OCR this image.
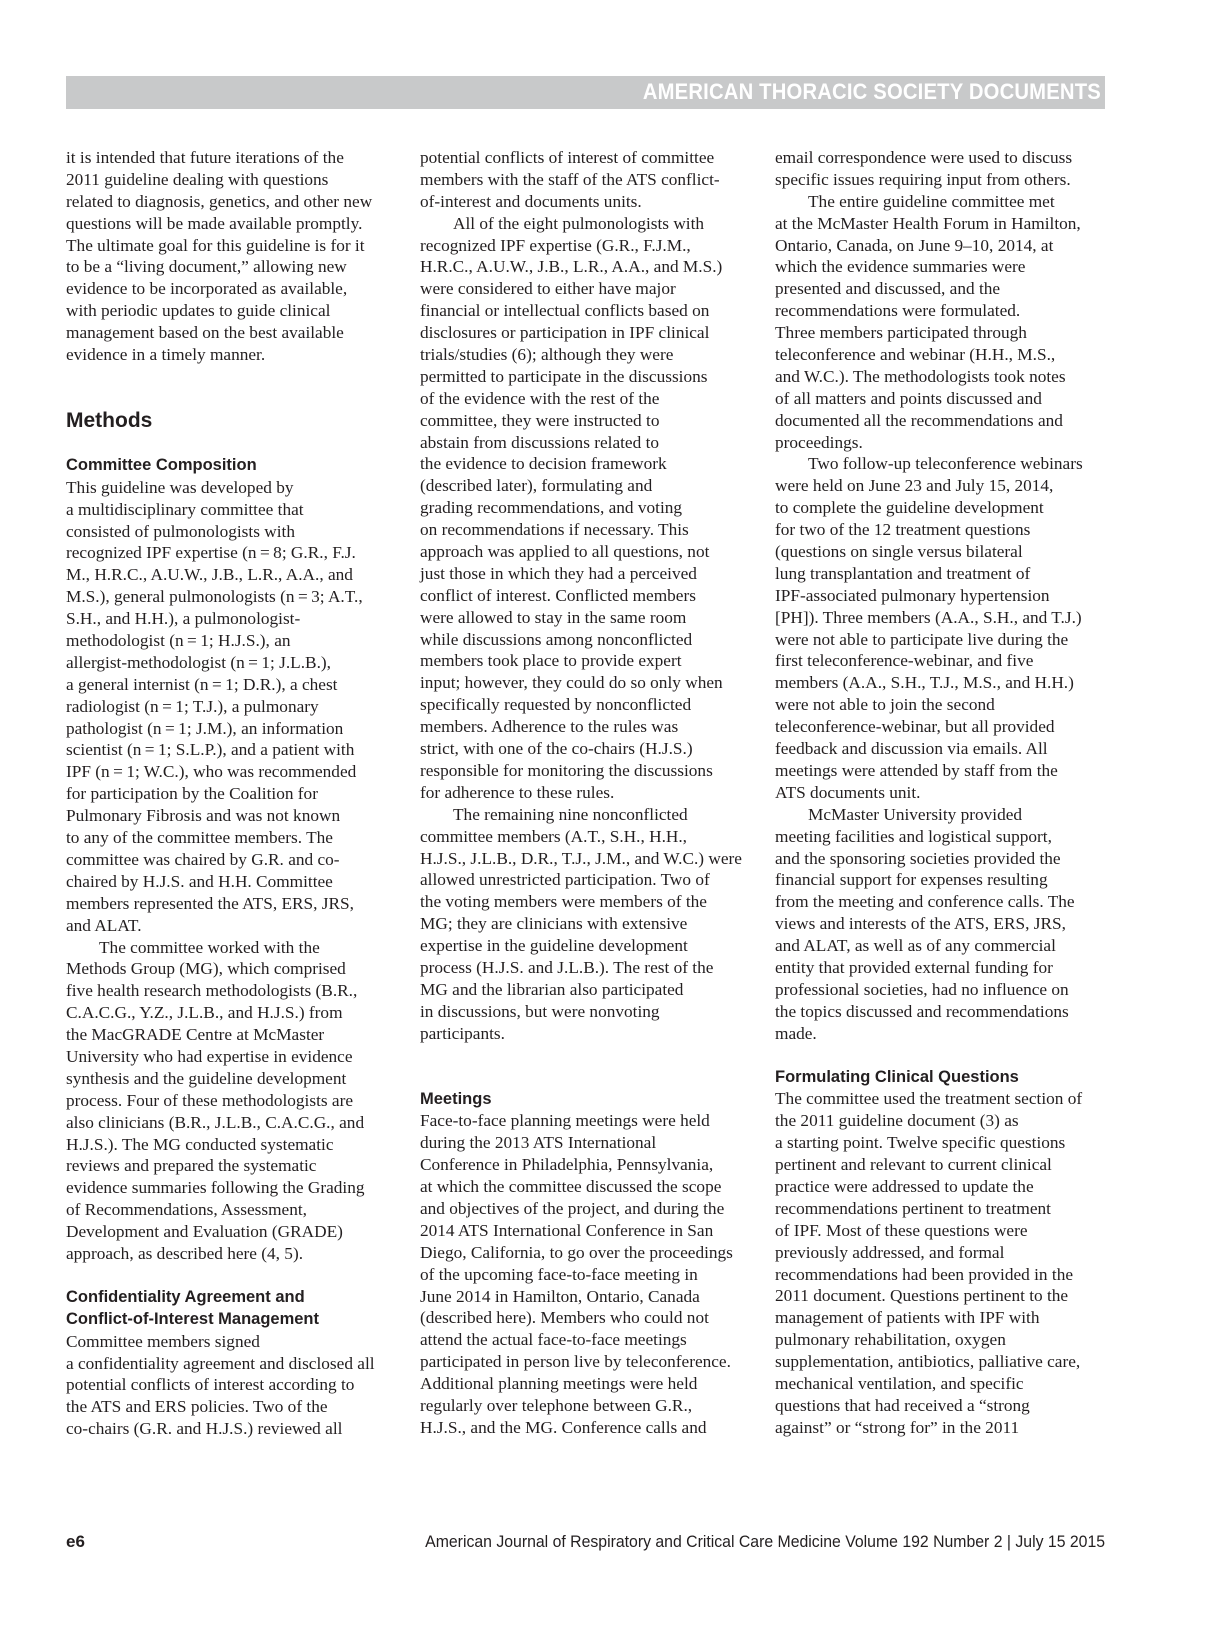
AMERICAN THORACIC SOCIETY DOCUMENTS
it is intended that future iterations of the
2011 guideline dealing with questions
related to diagnosis, genetics, and other new
questions will be made available promptly.
The ultimate goal for this guideline is for it
to be a “living document,” allowing new
evidence to be incorporated as available,
with periodic updates to guide clinical
management based on the best available
evidence in a timely manner.
Methods
Committee Composition
This guideline was developed by
a multidisciplinary committee that
consisted of pulmonologists with
recognized IPF expertise (n = 8; G.R., F.J.
M., H.R.C., A.U.W., J.B., L.R., A.A., and
M.S.), general pulmonologists (n = 3; A.T.,
S.H., and H.H.), a pulmonologist-
methodologist (n = 1; H.J.S.), an
allergist-methodologist (n = 1; J.L.B.),
a general internist (n = 1; D.R.), a chest
radiologist (n = 1; T.J.), a pulmonary
pathologist (n = 1; J.M.), an information
scientist (n = 1; S.L.P.), and a patient with
IPF (n = 1; W.C.), who was recommended
for participation by the Coalition for
Pulmonary Fibrosis and was not known
to any of the committee members. The
committee was chaired by G.R. and co-
chaired by H.J.S. and H.H. Committee
members represented the ATS, ERS, JRS,
and ALAT.
The committee worked with the
Methods Group (MG), which comprised
five health research methodologists (B.R.,
C.A.C.G., Y.Z., J.L.B., and H.J.S.) from
the MacGRADE Centre at McMaster
University who had expertise in evidence
synthesis and the guideline development
process. Four of these methodologists are
also clinicians (B.R., J.L.B., C.A.C.G., and
H.J.S.). The MG conducted systematic
reviews and prepared the systematic
evidence summaries following the Grading
of Recommendations, Assessment,
Development and Evaluation (GRADE)
approach, as described here (4, 5).
Confidentiality Agreement and
Conflict-of-Interest Management
Committee members signed
a confidentiality agreement and disclosed all
potential conflicts of interest according to
the ATS and ERS policies. Two of the
co-chairs (G.R. and H.J.S.) reviewed all
potential conflicts of interest of committee
members with the staff of the ATS conflict-
of-interest and documents units.
All of the eight pulmonologists with
recognized IPF expertise (G.R., F.J.M.,
H.R.C., A.U.W., J.B., L.R., A.A., and M.S.)
were considered to either have major
financial or intellectual conflicts based on
disclosures or participation in IPF clinical
trials/studies (6); although they were
permitted to participate in the discussions
of the evidence with the rest of the
committee, they were instructed to
abstain from discussions related to
the evidence to decision framework
(described later), formulating and
grading recommendations, and voting
on recommendations if necessary. This
approach was applied to all questions, not
just those in which they had a perceived
conflict of interest. Conflicted members
were allowed to stay in the same room
while discussions among nonconflicted
members took place to provide expert
input; however, they could do so only when
specifically requested by nonconflicted
members. Adherence to the rules was
strict, with one of the co-chairs (H.J.S.)
responsible for monitoring the discussions
for adherence to these rules.
The remaining nine nonconflicted
committee members (A.T., S.H., H.H.,
H.J.S., J.L.B., D.R., T.J., J.M., and W.C.) were
allowed unrestricted participation. Two of
the voting members were members of the
MG; they are clinicians with extensive
expertise in the guideline development
process (H.J.S. and J.L.B.). The rest of the
MG and the librarian also participated
in discussions, but were nonvoting
participants.
Meetings
Face-to-face planning meetings were held
during the 2013 ATS International
Conference in Philadelphia, Pennsylvania,
at which the committee discussed the scope
and objectives of the project, and during the
2014 ATS International Conference in San
Diego, California, to go over the proceedings
of the upcoming face-to-face meeting in
June 2014 in Hamilton, Ontario, Canada
(described here). Members who could not
attend the actual face-to-face meetings
participated in person live by teleconference.
Additional planning meetings were held
regularly over telephone between G.R.,
H.J.S., and the MG. Conference calls and
email correspondence were used to discuss
specific issues requiring input from others.
The entire guideline committee met
at the McMaster Health Forum in Hamilton,
Ontario, Canada, on June 9–10, 2014, at
which the evidence summaries were
presented and discussed, and the
recommendations were formulated.
Three members participated through
teleconference and webinar (H.H., M.S.,
and W.C.). The methodologists took notes
of all matters and points discussed and
documented all the recommendations and
proceedings.
Two follow-up teleconference webinars
were held on June 23 and July 15, 2014,
to complete the guideline development
for two of the 12 treatment questions
(questions on single versus bilateral
lung transplantation and treatment of
IPF-associated pulmonary hypertension
[PH]). Three members (A.A., S.H., and T.J.)
were not able to participate live during the
first teleconference-webinar, and five
members (A.A., S.H., T.J., M.S., and H.H.)
were not able to join the second
teleconference-webinar, but all provided
feedback and discussion via emails. All
meetings were attended by staff from the
ATS documents unit.
McMaster University provided
meeting facilities and logistical support,
and the sponsoring societies provided the
financial support for expenses resulting
from the meeting and conference calls. The
views and interests of the ATS, ERS, JRS,
and ALAT, as well as of any commercial
entity that provided external funding for
professional societies, had no influence on
the topics discussed and recommendations
made.
Formulating Clinical Questions
The committee used the treatment section of
the 2011 guideline document (3) as
a starting point. Twelve specific questions
pertinent and relevant to current clinical
practice were addressed to update the
recommendations pertinent to treatment
of IPF. Most of these questions were
previously addressed, and formal
recommendations had been provided in the
2011 document. Questions pertinent to the
management of patients with IPF with
pulmonary rehabilitation, oxygen
supplementation, antibiotics, palliative care,
mechanical ventilation, and specific
questions that had received a “strong
against” or “strong for” in the 2011
e6	American Journal of Respiratory and Critical Care Medicine Volume 192 Number 2 | July 15 2015
